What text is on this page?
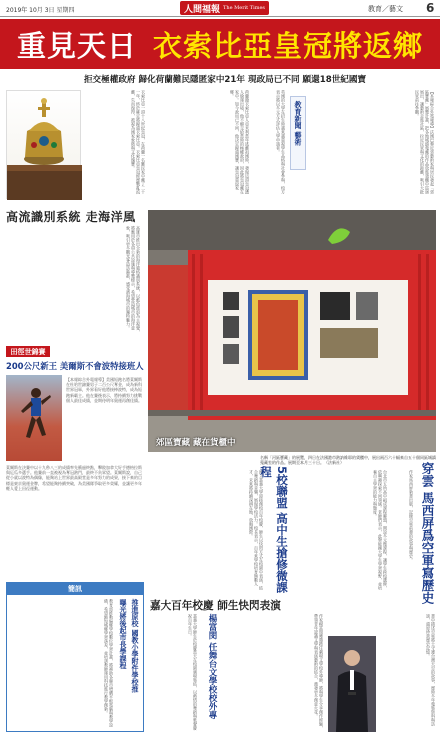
2019年 10月 3日 星期四	人間福報 The Merit Times	教育／藝文 6
重見天日 衣索比亞皇冠將返鄉
拒交極權政府 歸化荷蘭難民隱匿家中21年 現政局已不同 願還18世紀國寶
衣索比亞一頂十八世紀皇冠，在荷蘭一名難民家中藏了二十一年，終於確定將歸還衣索比亞。衣索比亞皇冠經歷戰亂流離，失而復得，被視為國家象徵與文化瑰寶。	荷蘭籍衣索比亞人亞米利當年逃離祖國時，發現這頂皇冠遭人偷運出境，他不願交給當時的極權政府，因此將皇冠藏在家中。如今政局已不同，他決定歸還國寶，讓皇冠重返家鄉。
教育新聞 藝術
英國的大學在招生時越來越重視學生品格與社會參與，校方表示將以多元方式評估入學申請者。	【本報綜合外電報導】法國巴黎近郊藝術家與居民發起「郊區寶藏」展覽計畫，把各地城鎮蒐藏的作品放進貨櫃中巡迴展出，讓藝術走進社區，拉近民眾與文化的距離，吸引大批民眾前往參觀。
高流識別系統 走海洋風
高雄市推出全新的海洋風格識別系統，以藍色波浪為主視覺，將應用於各項公共設施與導覽標示，希望營造城市的海洋意象，吸引更多觀光客造訪港都，感受濱海城市的獨特魅力。
田徑世錦賽
200公尺新王 美爾斯不會波特接班人
【本報綜合外電報導】美國短跑名將萊爾斯在杜哈世錦賽男子二百公尺奪金，成為新科世界冠軍，外界看好他將接棒波特，成為短跑新霸主。他在賽後表示，將持續努力挑戰個人最佳成績，並期待明年奧運再創佳績。
萊爾斯在決賽中以十九秒八三的成績率先衝過終點，擊敗加拿大好手德格拉斯與厄瓜多選手。他賽前一直被視為奪冠熱門，最終不負眾望。萊爾斯說，自己從小就以波特為偶像，能夠站上世界最高殿堂是多年努力的成果，接下來的目標是東京奧運金牌，希望能夠持續突破，為美國隊爭取更多榮耀，並讓更多年輕人愛上田徑運動。
簡訊
教育部推動偏鄉學校數位學習計畫，將補助各縣市增購平板電腦與教學設備，希望縮短城鄉學習落差，並培訓教師運用科技進行教學創新。	曝光將後起市長學課程 推進原校 國教小學附件學校推
郊區寶藏 藏在貨櫃中
名稱「河區寶藏」的展覽，四日在法國港市熱訥維耶的貨櫃中，展出兩百六十幅來自五十個同區城鎮蒐藏室的作品。展期至本月三十日。（法新社）
國立嘉義大學迎接創校百年校慶，師生以快閃方式在校園中表演，結合舞蹈與音樂，展現學校活力。校長表示，百年來學校培育無數人才，未來將持續深耕在地、放眼國際。	5校聯盟 高中生搶修微課程	台北市五所高中組成課程聯盟，開設多元微課程，讓學生跨校選修，依興趣探索不同領域。老師們表示，此舉能擴大學生學習視野，並培養自主學習的能力與態度。	穿雲 馬西屏爲空軍寫歷史
作家馬西屏新書出版，記錄空軍前輩的故事與歷史。
嘉大百年校慶 師生快閃表演
嘉義大學師生於校慶當天在校園廣場集結，以熱情的舞蹈與歌聲慶祝百年生日。	楊富閔 任舞台文學校校外專	作家楊富閔獲邀擔任劇場文學校外導師，將與學生分享創作經驗，帶領青年認識文學與表演藝術的結合，激發更多創意火花。	書中描述空軍將士守護台灣天空的故事，歷時多年蒐集資料與訪談，還原珍貴歷史記憶。
